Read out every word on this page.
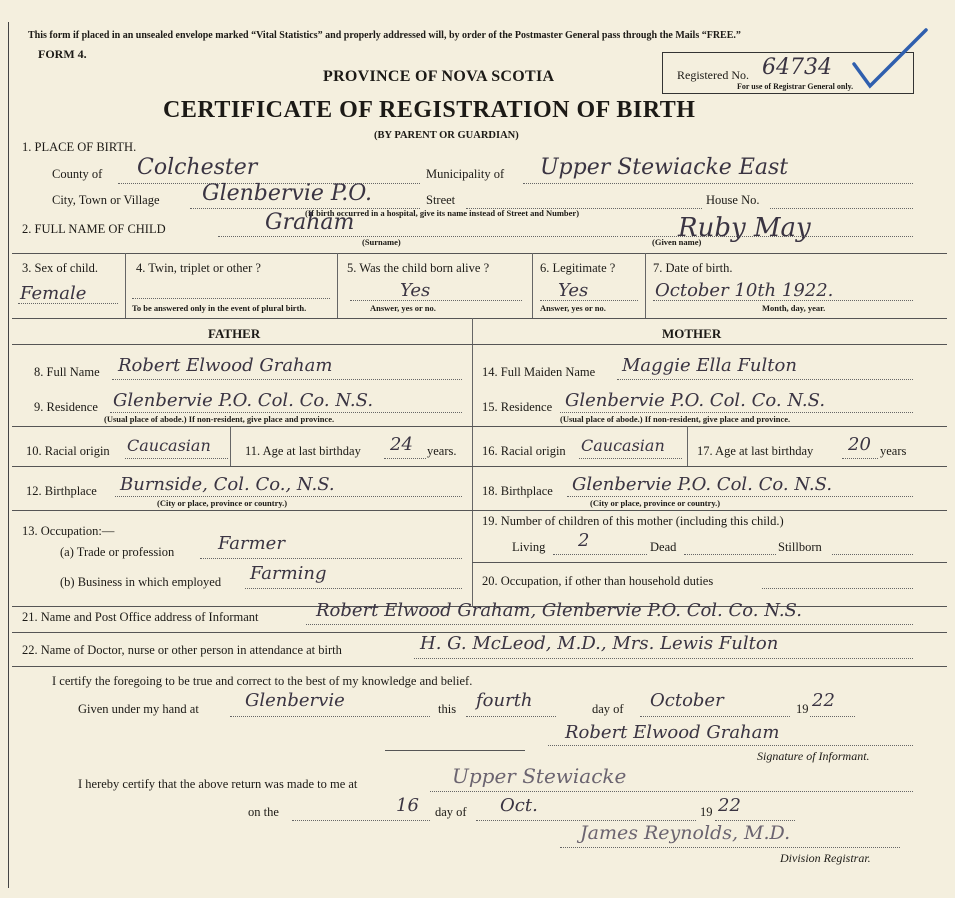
This form if placed in an unsealed envelope marked “Vital Statistics” and properly addressed will, by order of the Postmaster General pass through the Mails “FREE.”
FORM 4.
PROVINCE OF NOVA SCOTIA
CERTIFICATE OF REGISTRATION OF BIRTH
(BY PARENT OR GUARDIAN)
Registered No. 64734
For use of Registrar General only.
1. PLACE OF BIRTH.
County of Colchester	Municipality of Upper Stewiacke East
City, Town or Village Glenbervie P.O.	Street	House No.
(If birth occurred in a hospital, give its name instead of Street and Number)
2. FULL NAME OF CHILD	Graham
(Surname)	Ruby May
(Given name)
3. Sex of child.
Female
4. Twin, triplet or other ?
To be answered only in the event of plural birth.
5. Was the child born alive ?
Yes
Answer, yes or no.
6. Legitimate ?
Yes
Answer, yes or no.
7. Date of birth.
October 10th 1922.
Month, day, year.
FATHER	MOTHER
8. Full Name Robert Elwood Graham
9. Residence Glenbervie P.O. Col. Co. N.S.
(Usual place of abode.) If non-resident, give place and province.
10. Racial origin Caucasian	11. Age at last birthday 24 years.
12. Birthplace Burnside, Col. Co., N.S.
(City or place, province or country.)
13. Occupation:—
(a) Trade or profession Farmer
(b) Business in which employed Farming
14. Full Maiden Name Maggie Ella Fulton
15. Residence Glenbervie P.O. Col. Co. N.S.
(Usual place of abode.) If non-resident, give place and province.
16. Racial origin Caucasian	17. Age at last birthday 20 years
18. Birthplace Glenbervie P.O. Col. Co. N.S.
(City or place, province or country.)
19. Number of children of this mother (including this child.)
Living 2	Dead	Stillborn
20. Occupation, if other than household duties
21. Name and Post Office address of Informant	Robert Elwood Graham, Glenbervie P.O. Col. Co. N.S.
22. Name of Doctor, nurse or other person in attendance at birth	H. G. McLeod, M.D., Mrs. Lewis Fulton
I certify the foregoing to be true and correct to the best of my knowledge and belief.
Given under my hand at	Glenbervie	this fourth	day of October	19 22
Robert Elwood Graham
Signature of Informant.
I hereby certify that the above return was made to me at	Upper Stewiacke
on the	16 day of Oct.	19 22
James Reynolds, M.D.
Division Registrar.
